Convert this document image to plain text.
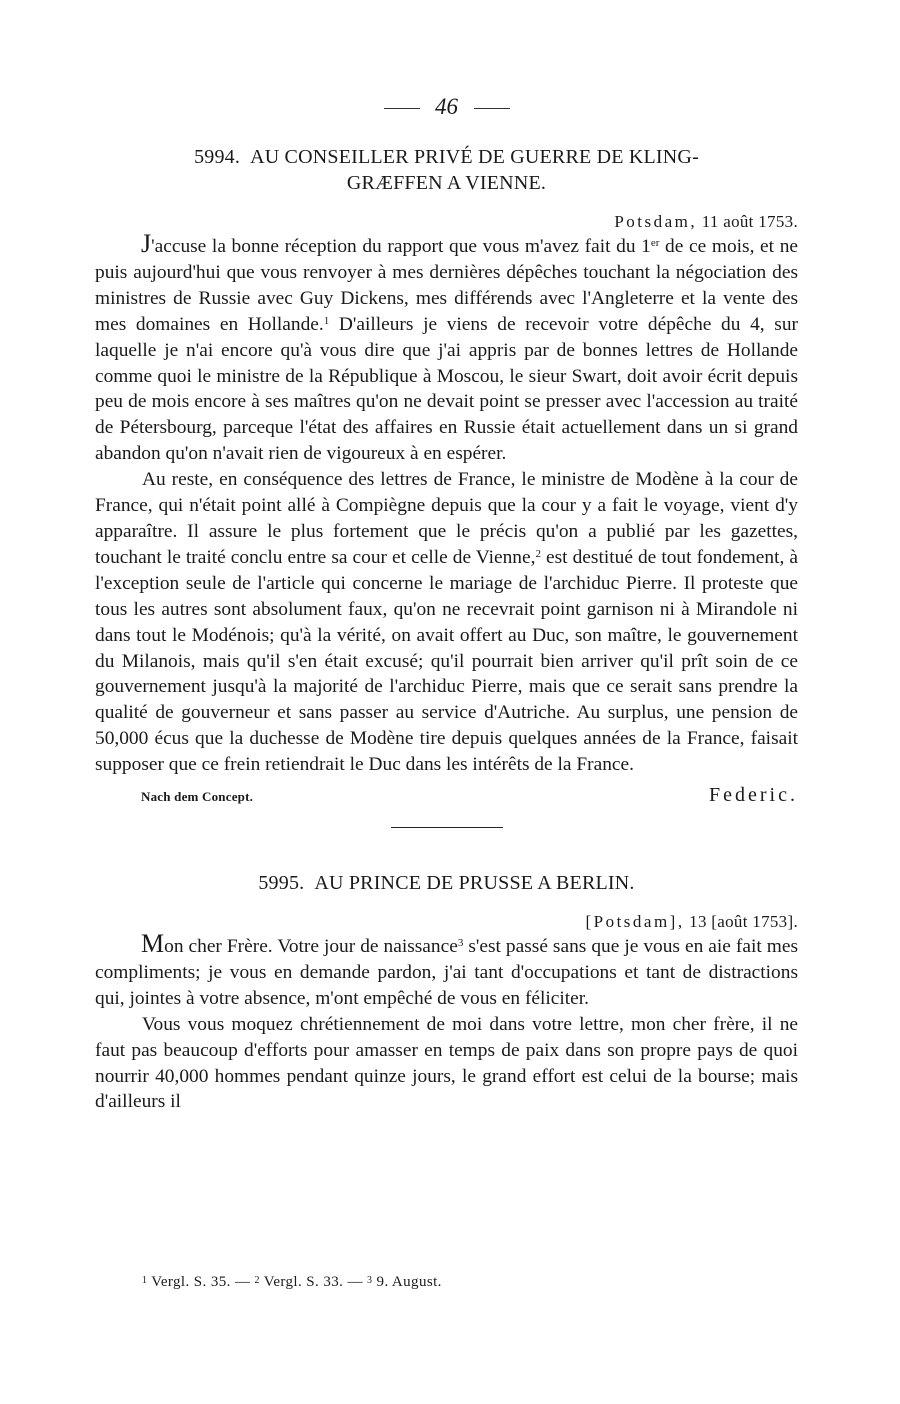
46
5994. AU CONSEILLER PRIVÉ DE GUERRE DE KLING-
GRÆFFEN A VIENNE.
Potsdam, 11 août 1753.

J'accuse la bonne réception du rapport que vous m'avez fait du 1er de ce mois, et ne puis aujourd'hui que vous renvoyer à mes dernières dépêches touchant la négociation des ministres de Russie avec Guy Dickens, mes différends avec l'Angleterre et la vente des mes domaines en Hollande.$^1$ D'ailleurs je viens de recevoir votre dépêche du 4, sur laquelle je n'ai encore qu'à vous dire que j'ai appris par de bonnes lettres de Hollande comme quoi le ministre de la République à Moscou, le sieur Swart, doit avoir écrit depuis peu de mois encore à ses maîtres qu'on ne devait point se presser avec l'accession au traité de Pétersbourg, parceque l'état des affaires en Russie était actuellement dans un si grand abandon qu'on n'avait rien de vigoureux à en espérer.

Au reste, en conséquence des lettres de France, le ministre de Modène à la cour de France, qui n'était point allé à Compiègne depuis que la cour y a fait le voyage, vient d'y apparaître. Il assure le plus fortement que le précis qu'on a publié par les gazettes, touchant le traité conclu entre sa cour et celle de Vienne,$^2$ est destitué de tout fondement, à l'exception seule de l'article qui concerne le mariage de l'archiduc Pierre. Il proteste que tous les autres sont absolument faux, qu'on ne recevrait point garnison ni à Mirandole ni dans tout le Modénois; qu'à la vérité, on avait offert au Duc, son maître, le gouvernement du Milanois, mais qu'il s'en était excusé; qu'il pourrait bien arriver qu'il prît soin de ce gouvernement jusqu'à la majorité de l'archiduc Pierre, mais que ce serait sans prendre la qualité de gouverneur et sans passer au service d'Autriche. Au surplus, une pension de 50,000 écus que la duchesse de Modène tire depuis quelques années de la France, faisait supposer que ce frein retiendrait le Duc dans les intérêts de la France.

Nach dem Concept.	Federic.
5995. AU PRINCE DE PRUSSE A BERLIN.
[Potsdam], 13 [août 1753].

Mon cher Frère. Votre jour de naissance$^3$ s'est passé sans que je vous en aie fait mes compliments; je vous en demande pardon, j'ai tant d'occupations et tant de distractions qui, jointes à votre absence, m'ont empêché de vous en féliciter.

Vous vous moquez chrétiennement de moi dans votre lettre, mon cher frère, il ne faut pas beaucoup d'efforts pour amasser en temps de paix dans son propre pays de quoi nourrir 40,000 hommes pendant quinze jours, le grand effort est celui de la bourse; mais d'ailleurs il

$^1$ Vergl. S. 35. — $^2$ Vergl. S. 33. — $^3$ 9. August.
